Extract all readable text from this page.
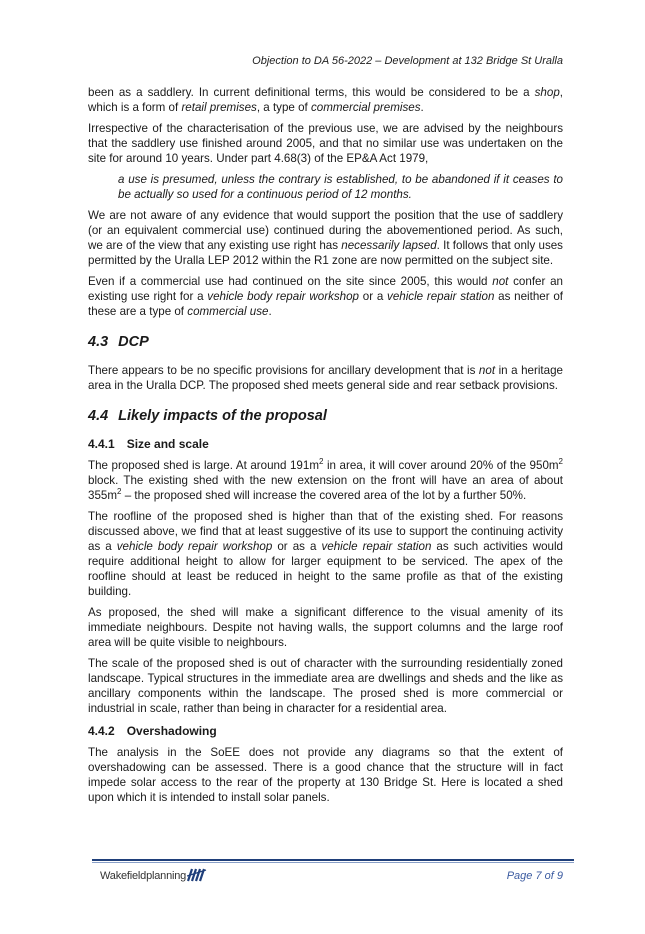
Objection to DA 56-2022 – Development at 132 Bridge St Uralla

been as a saddlery. In current definitional terms, this would be considered to be a shop, which is a form of retail premises, a type of commercial premises.

Irrespective of the characterisation of the previous use, we are advised by the neighbours that the saddlery use finished around 2005, and that no similar use was undertaken on the site for around 10 years. Under part 4.68(3) of the EP&A Act 1979,

a use is presumed, unless the contrary is established, to be abandoned if it ceases to be actually so used for a continuous period of 12 months.

We are not aware of any evidence that would support the position that the use of saddlery (or an equivalent commercial use) continued during the abovementioned period. As such, we are of the view that any existing use right has necessarily lapsed. It follows that only uses permitted by the Uralla LEP 2012 within the R1 zone are now permitted on the subject site.

Even if a commercial use had continued on the site since 2005, this would not confer an existing use right for a vehicle body repair workshop or a vehicle repair station as neither of these are a type of commercial use.

4.3 DCP

There appears to be no specific provisions for ancillary development that is not in a heritage area in the Uralla DCP. The proposed shed meets general side and rear setback provisions.

4.4 Likely impacts of the proposal
4.4.1 Size and scale

The proposed shed is large. At around $191m^2$ in area, it will cover around 20% of the $950m^2$ block. The existing shed with the new extension on the front will have an area of about $355m^2$ – the proposed shed will increase the covered area of the lot by a further 50%.

The roofline of the proposed shed is higher than that of the existing shed. For reasons discussed above, we find that at least suggestive of its use to support the continuing activity as a vehicle body repair workshop or as a vehicle repair station as such activities would require additional height to allow for larger equipment to be serviced. The apex of the roofline should at least be reduced in height to the same profile as that of the existing building.

As proposed, the shed will make a significant difference to the visual amenity of its immediate neighbours. Despite not having walls, the support columns and the large roof area will be quite visible to neighbours.

The scale of the proposed shed is out of character with the surrounding residentially zoned landscape. Typical structures in the immediate area are dwellings and sheds and the like as ancillary components within the landscape. The prosed shed is more commercial or industrial in scale, rather than being in character for a residential area.

4.4.2 Overshadowing

The analysis in the SoEE does not provide any diagrams so that the extent of overshadowing can be assessed. There is a good chance that the structure will in fact impede solar access to the rear of the property at 130 Bridge St. Here is located a shed upon which it is intended to install solar panels.

Wakefieldplanning	Page 7 of 9
